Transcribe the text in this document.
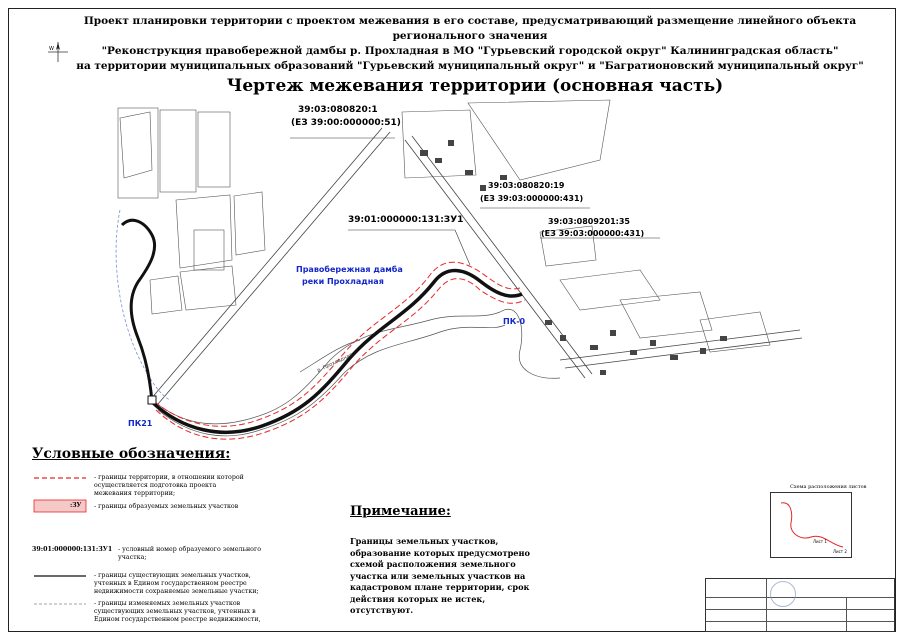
W
Проект планировки территории с проектом межевания в его составе, предусматривающий размещение линейного объекта регионального значения
"Реконструкция правобережной дамбы р. Прохладная в МО "Гурьевский городской округ" Калининградская область"
на территории муниципальных образований "Гурьевский муниципальный округ" и "Багратионовский муниципальный округ"
Чертеж межевания территории (основная часть)
39:03:080820:1
(ЕЗ 39:00:000000:51)
39:03:080820:19
(ЕЗ 39:03:000000:431)
39:03:0809201:35
(ЕЗ 39:03:000000:431)
39:01:000000:131:ЗУ1
Правобережная дамба
реки Прохладная
ПК-0
ПК21
р. Прохладная
Условные обозначения:
- границы территории, в отношении которой осуществляется подготовка проекта межевания территории;
:ЗУ - границы образуемых земельных участков
39:01:000000:131:ЗУ1 - условный номер образуемого земельного участка;
- границы существующих земельных участков, учтенных в Едином государственном реестре недвижимости сохраняемые земельные участки;
- границы изменяемых земельных участков существующих земельных участков, учтенных в Едином государственном реестре недвижимости,
Примечание:
Границы земельных участков, образование которых предусмотрено схемой расположения земельного участка или земельных участков на кадастровом плане территории, срок действия которых не истек, отсутствуют.
Схема расположения листов
Лист 1
Лист 2
